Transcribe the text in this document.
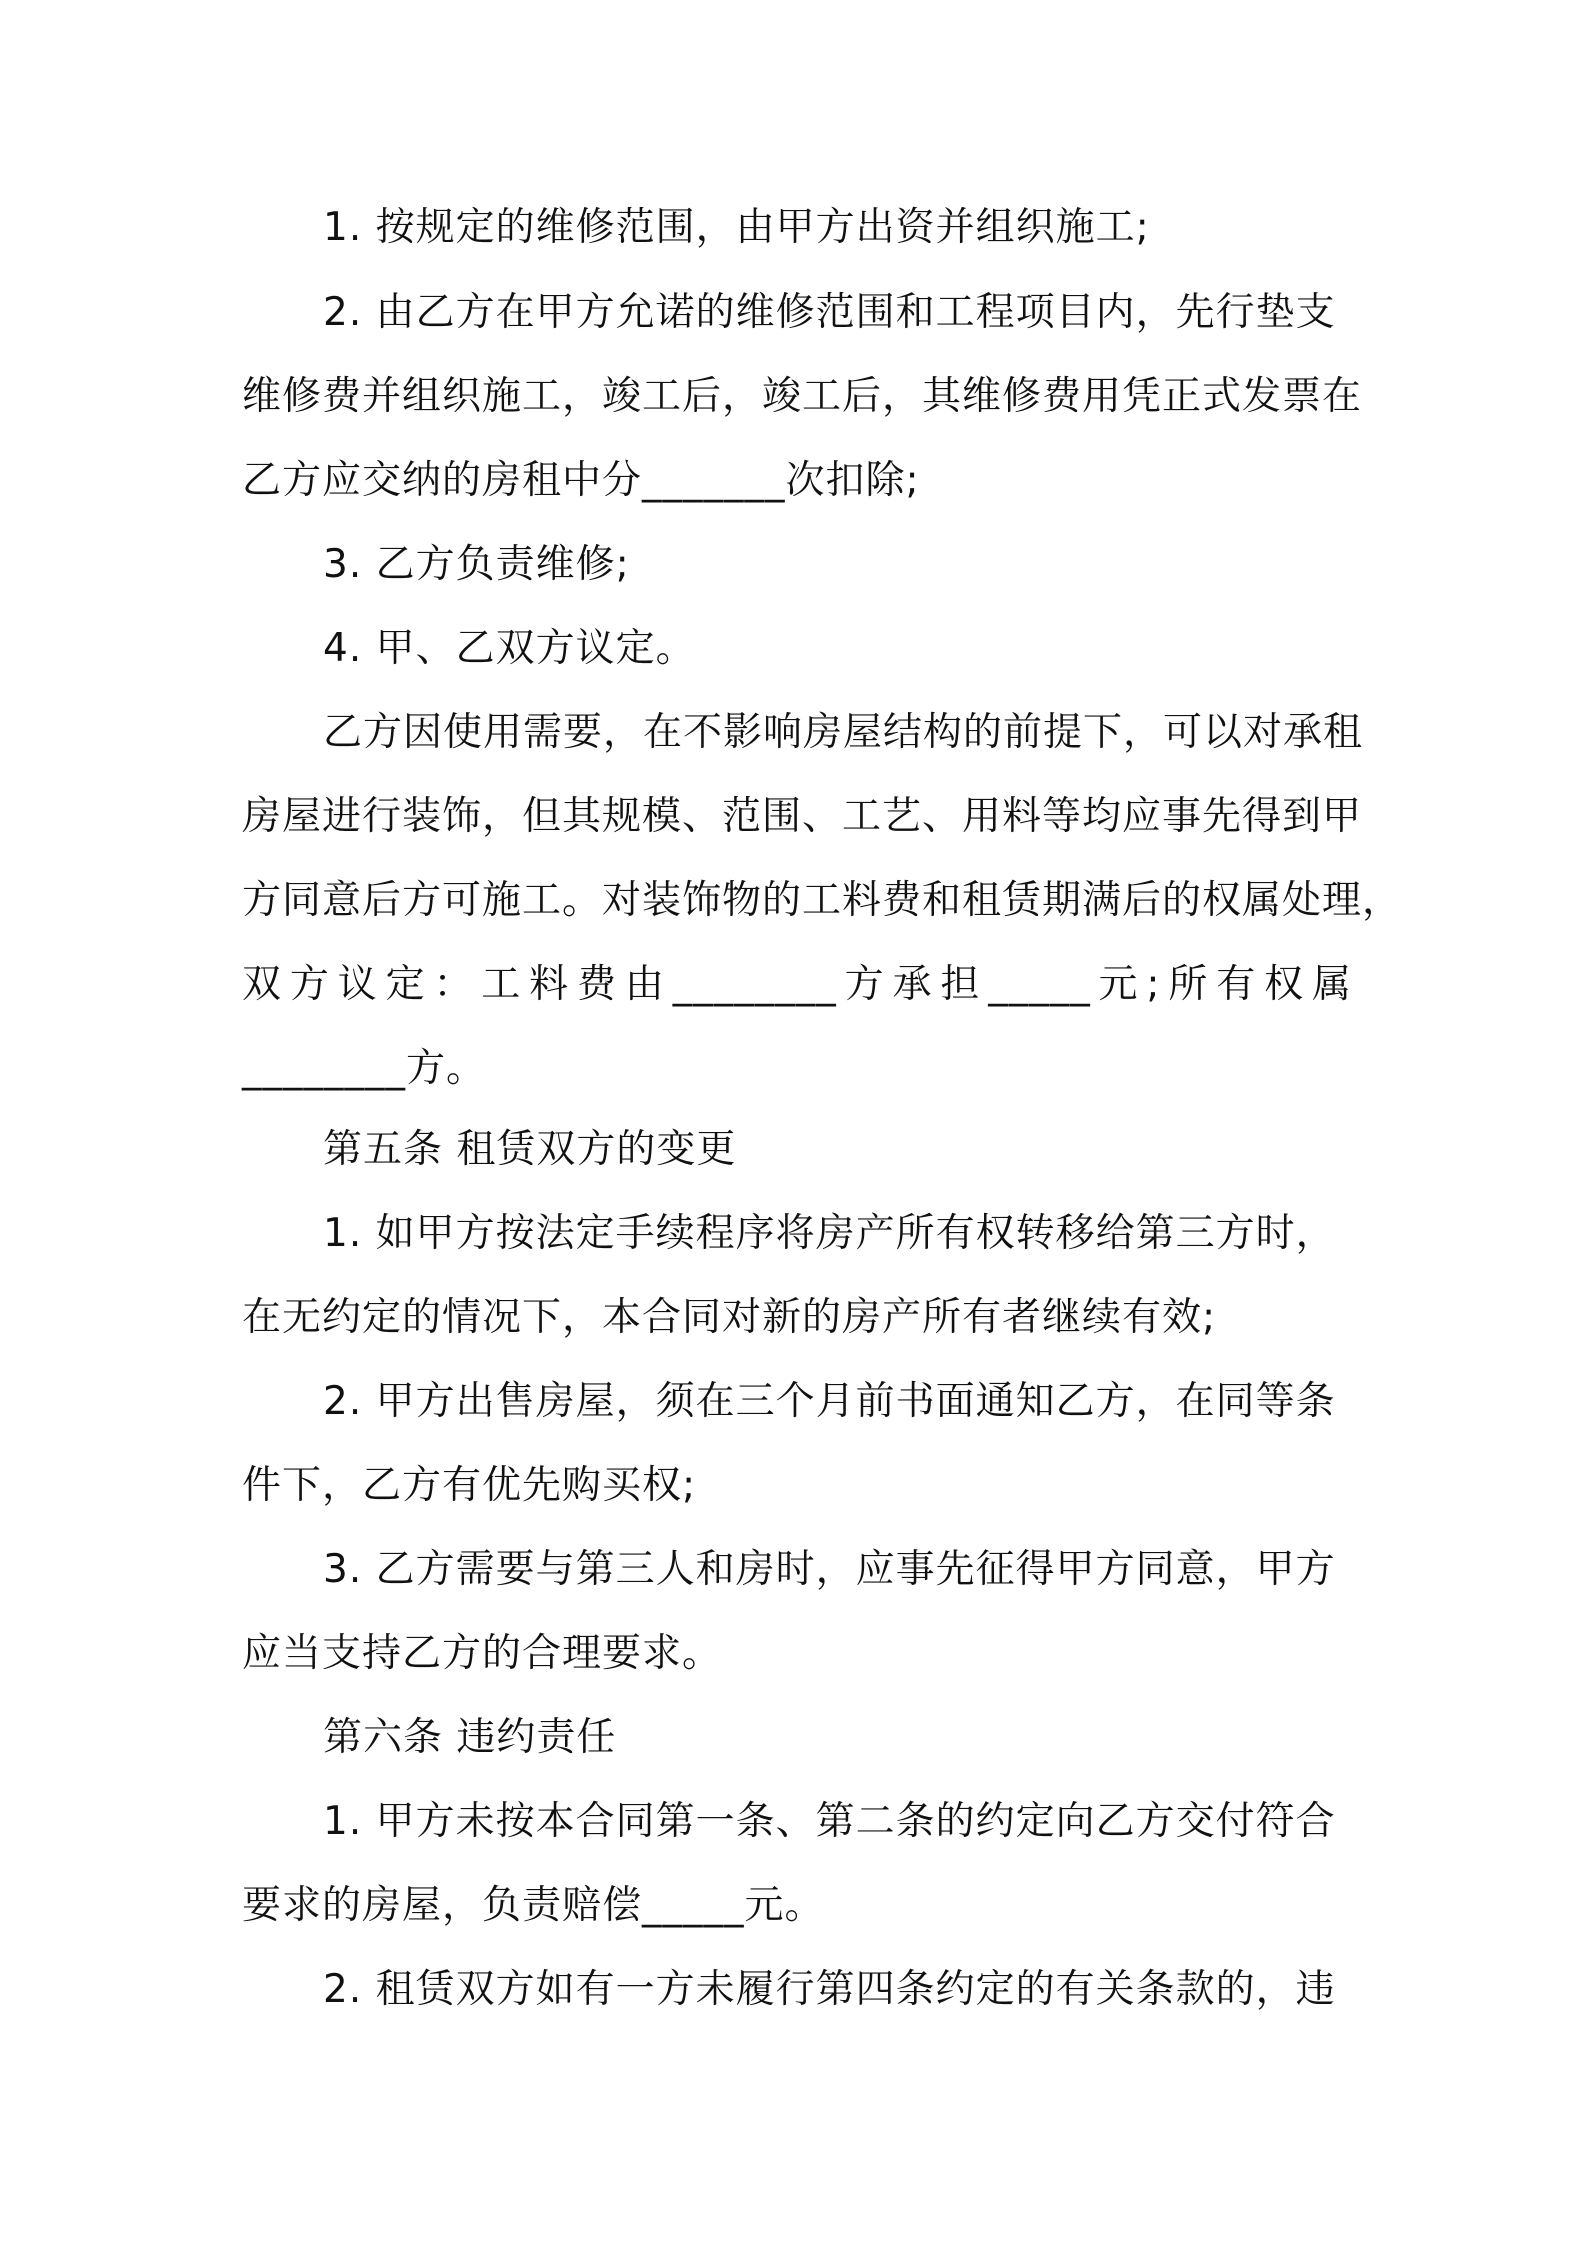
1. 按规定的维修范围，由甲方出资并组织施工;
2. 由乙方在甲方允诺的维修范围和工程项目内，先行垫支
维修费并组织施工，竣工后，竣工后，其维修费用凭正式发票在
乙方应交纳的房租中分_______次扣除;
3. 乙方负责维修;
4. 甲、乙双方议定。
乙方因使用需要，在不影响房屋结构的前提下，可以对承租
房屋进行装饰，但其规模、范围、工艺、用料等均应事先得到甲
方同意后方可施工。对装饰物的工料费和租赁期满后的权属处理，
双方议定：工料费由________方承担_____元;所有权属
________方。
第五条 租赁双方的变更
1. 如甲方按法定手续程序将房产所有权转移给第三方时，
在无约定的情况下，本合同对新的房产所有者继续有效;
2. 甲方出售房屋，须在三个月前书面通知乙方，在同等条
件下，乙方有优先购买权;
3. 乙方需要与第三人和房时，应事先征得甲方同意，甲方
应当支持乙方的合理要求。
第六条 违约责任
1. 甲方未按本合同第一条、第二条的约定向乙方交付符合
要求的房屋，负责赔偿_____元。
2. 租赁双方如有一方未履行第四条约定的有关条款的，违
